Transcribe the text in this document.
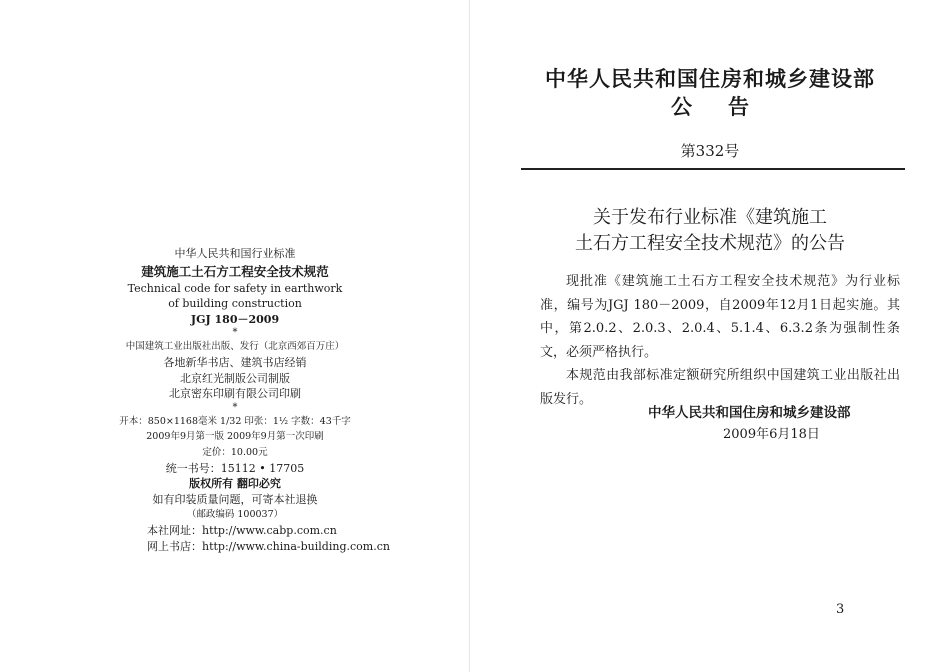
中华人民共和国行业标准
建筑施工土石方工程安全技术规范
Technical code for safety in earthwork
of building construction
JGJ 180－2009
*
中国建筑工业出版社出版、发行（北京西郊百万庄）
各地新华书店、建筑书店经销
北京红光制版公司制版
北京密东印刷有限公司印刷
*
开本：850×1168毫米 1/32 印张：1½ 字数：43千字
2009年9月第一版 2009年9月第一次印刷
定价：10.00元
统一书号：15112 • 17705
版权所有 翻印必究
如有印装质量问题，可寄本社退换
（邮政编码 100037）
本社网址：http://www.cabp.com.cn
网上书店：http://www.china-building.com.cn
中华人民共和国住房和城乡建设部
公告
第332号
关于发布行业标准《建筑施工
土石方工程安全技术规范》的公告

现批准《建筑施工土石方工程安全技术规范》为行业标准，编号为JGJ 180－2009，自2009年12月1日起实施。其中，第2.0.2、2.0.3、2.0.4、5.1.4、6.3.2条为强制性条文，必须严格执行。

本规范由我部标准定额研究所组织中国建筑工业出版社出版发行。

中华人民共和国住房和城乡建设部
2009年6月18日
3
